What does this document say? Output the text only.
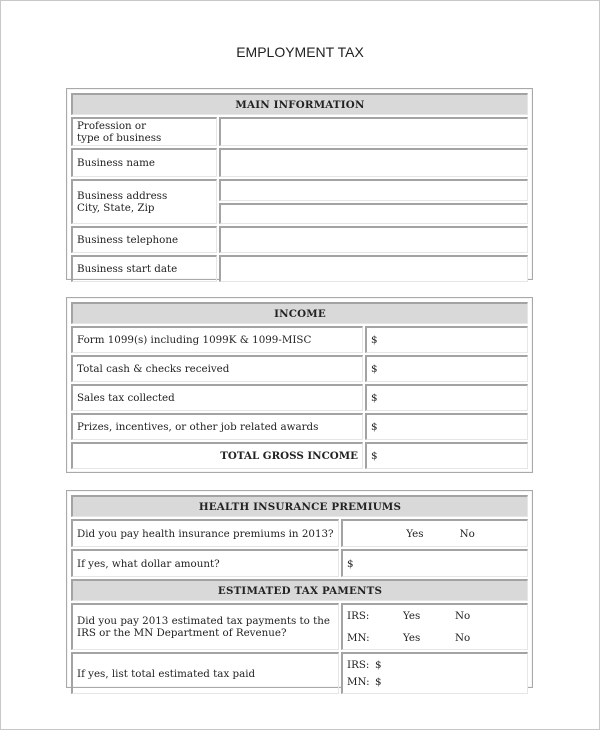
EMPLOYMENT TAX
MAIN INFORMATION	

Profession or
type of business	

Business name	

Business address
City, State, Zip	

Business telephone	
Business start date	
INCOME	
Form 1099(s) including 1099K & 1099-MISC	$
Total cash & checks received	$
Sales tax collected	$
Prizes, incentives, or other job related awards	$
TOTAL GROSS INCOME	$
HEALTH INSURANCE PREMIUMS	
Did you pay health insurance premiums in 2013?	Yes No
If yes, what dollar amount?	$
ESTIMATED TAX PAMENTS	
Did you pay 2013 estimated tax payments to the IRS or the MN Department of Revenue?	
IRS:	Yes	No
MN:	Yes	No

If yes, list total estimated tax paid	IRS: $
MN: $
